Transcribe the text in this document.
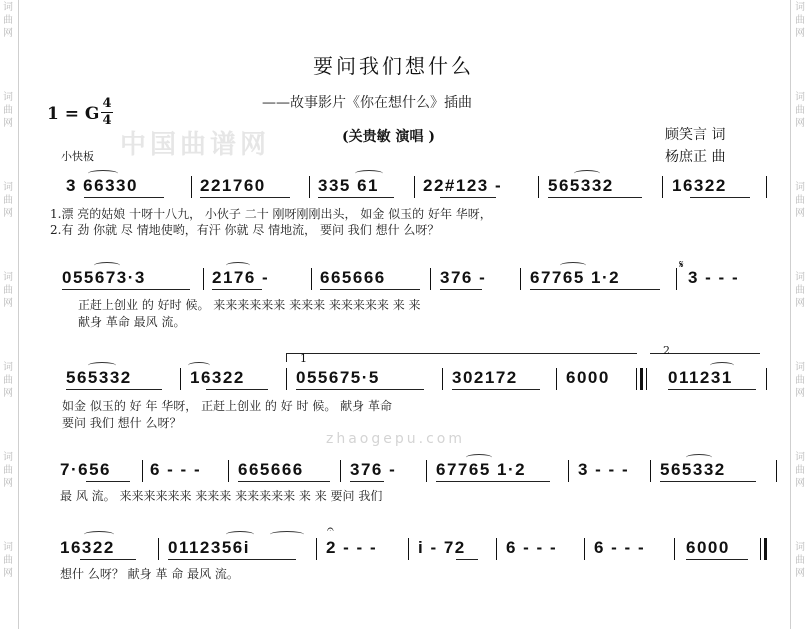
词
曲
网
词
曲
网
词
曲
网
词
曲
网
词
曲
网
词
曲
网
词
曲
网
词
曲
网
词
曲
网
词
曲
网
词
曲
网
词
曲
网
词
曲
网
词
曲
网
中国曲谱网
zhaogepu.com
要问我们想什么
——故事影片《你在想什么》插曲
1 = G
4
4
(关贵敏 演唱 )	顾笑言 词
杨庶正 曲
小快板
3 66330	221760	335 61	22#123 -	565332	16322
1.漂 亮的姑娘 十呀十八九， 小伙子 二十 刚呀刚刚出头， 如金 似玉的 好年 华呀，
2.有 劲 你就 尽 情地使哟，有汗 你就 尽 情地流， 要问 我们 想什 么呀？
055673·3	2176 -	665666	376 -	67765 1·2	3 - - -
𝄋
正赶上创业 的 好时 候。 来来来来来来 来来来 来来来来来 来 来
献身 革命 最风 流。
1
2
565332	16322	055675·5	302172	6000	011231
如金 似玉的 好 年 华呀， 正赶上创业 的 好 时 候。 献身 革命
要问 我们 想什 么呀？
7·656 6 - - - 665666	376 - 67765 1·2	3 - - - 565332
最 风 流。 来来来来来来 来来来 来来来来来 来 来 要问 我们
16322	0112356i	2 - - - i - 72 6 - - - 6 - - - 6000
𝄐
想什 么呀？ 献身 革 命 最风 流。
